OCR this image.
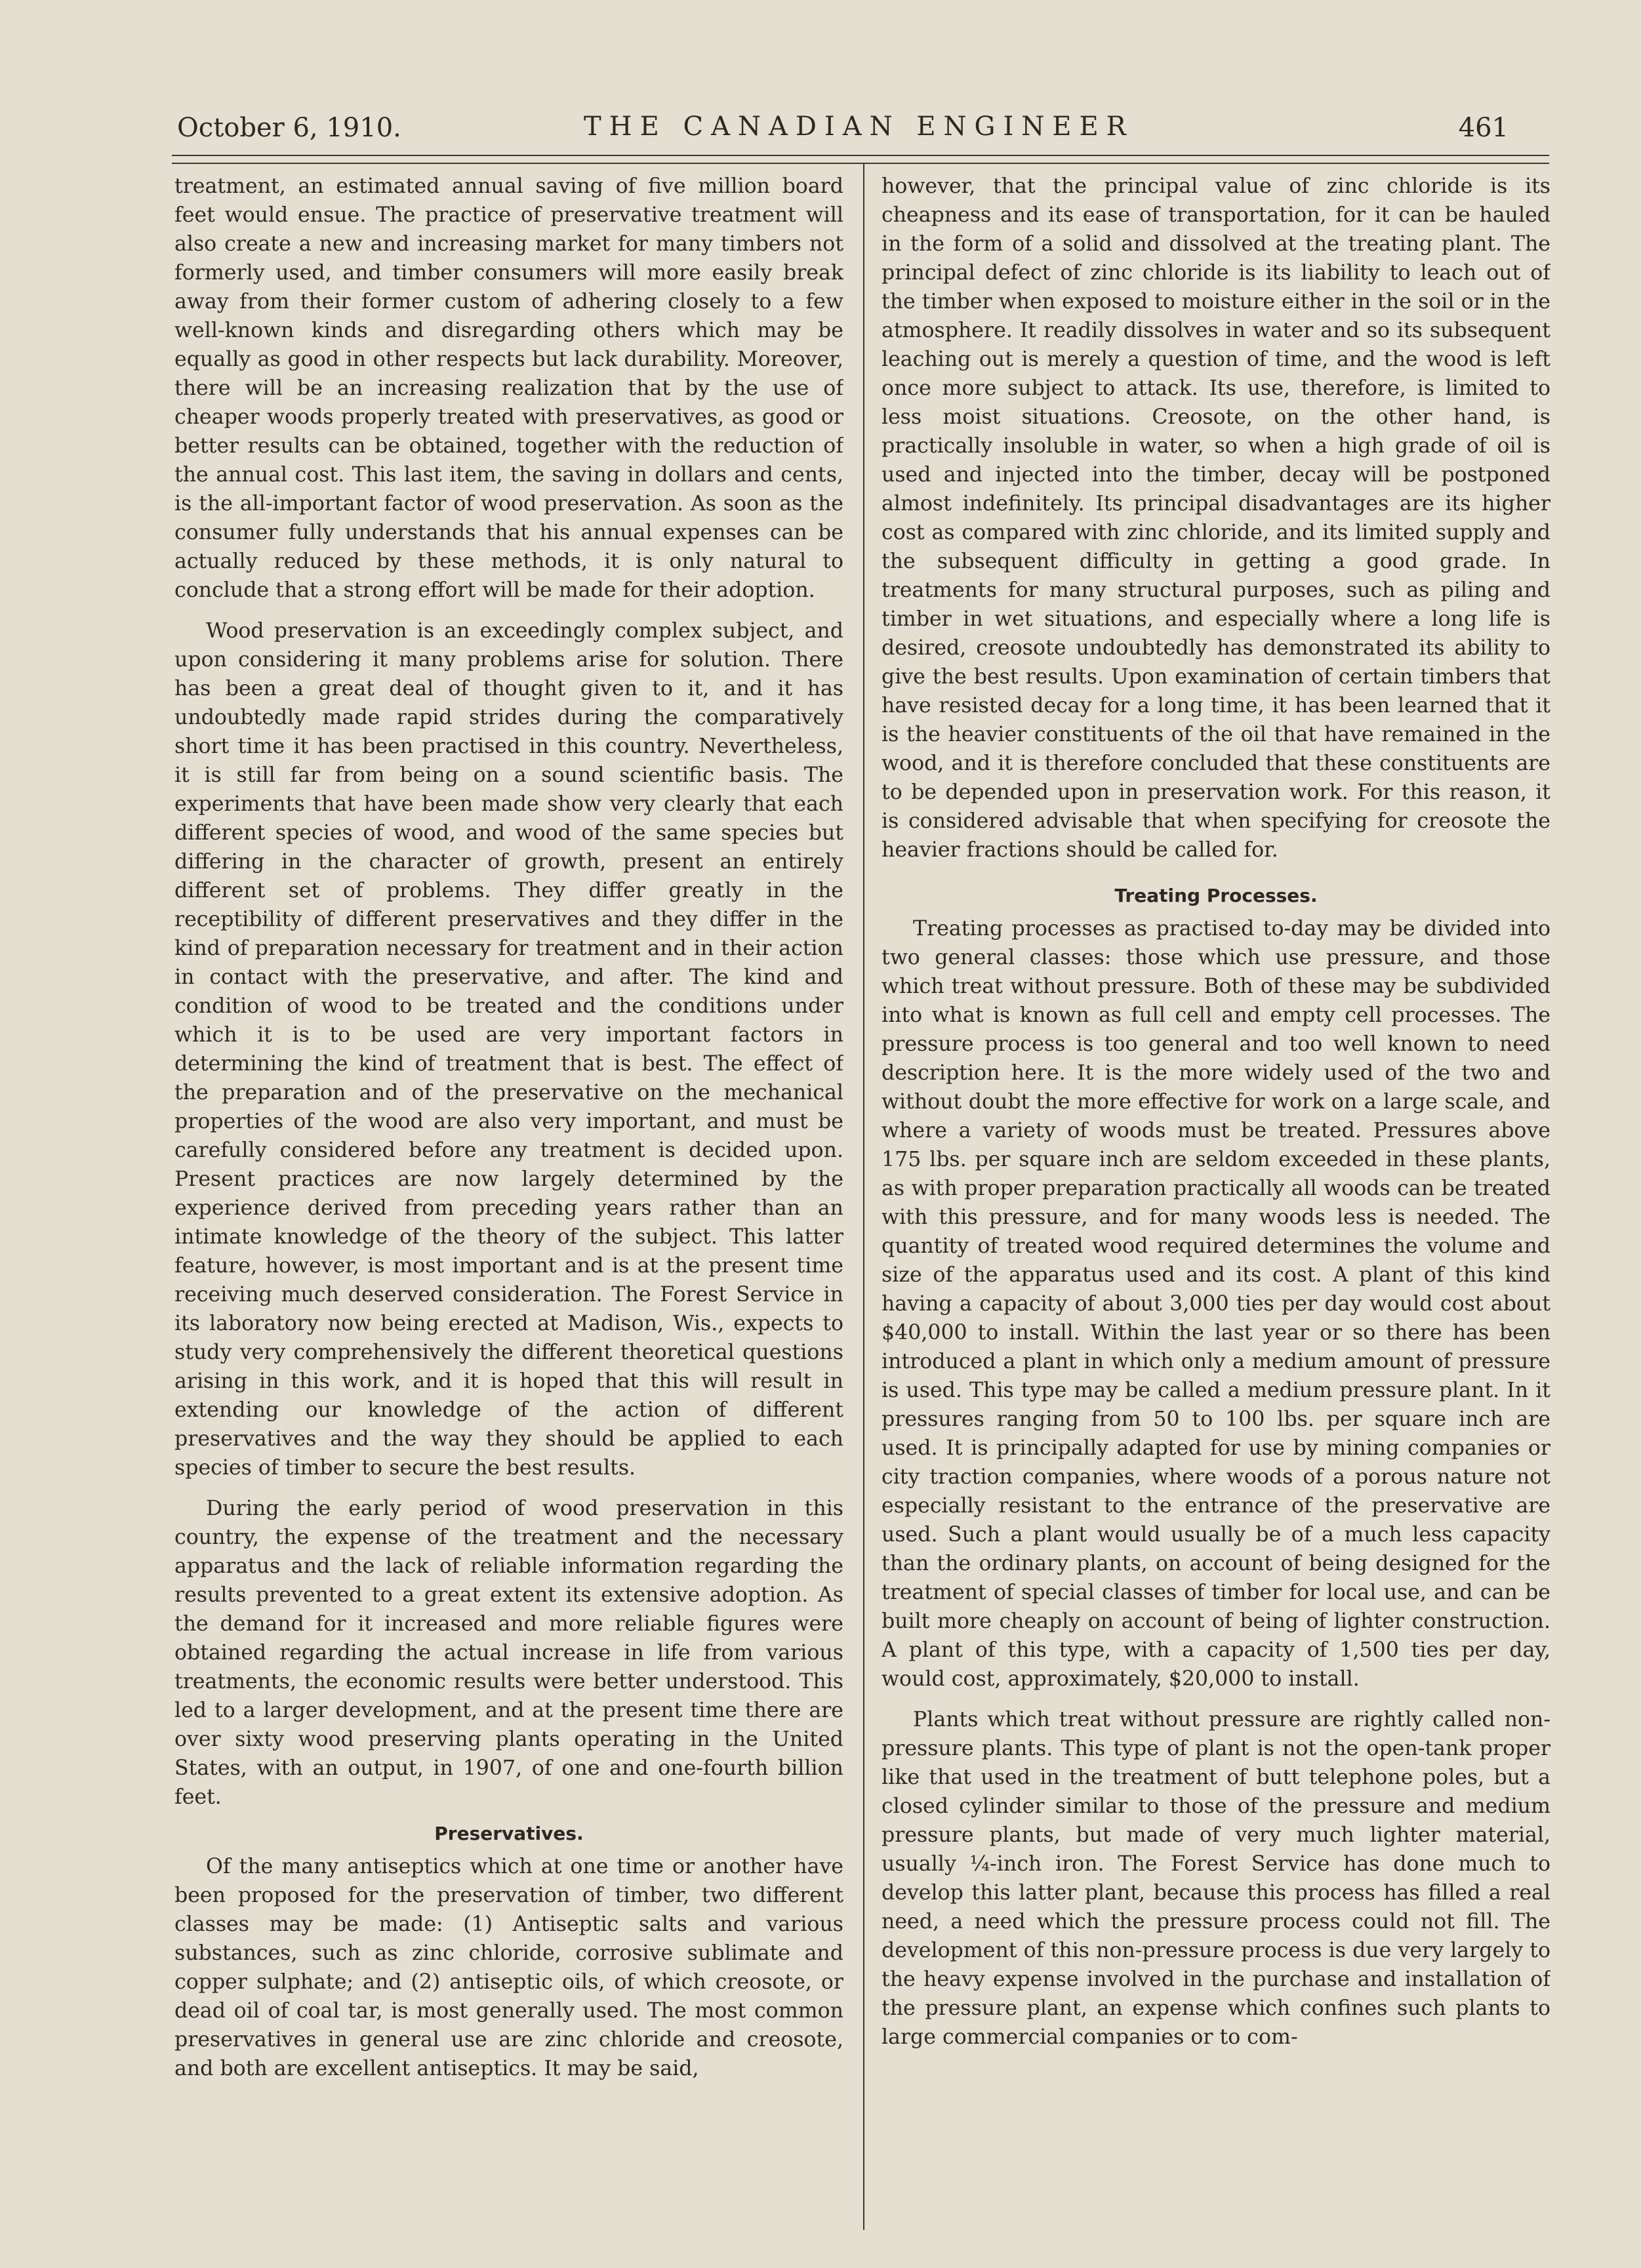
October 6, 1910.	THE CANADIAN ENGINEER	461

treatment, an estimated annual saving of five million board feet would ensue. The practice of preservative treatment will also create a new and increasing market for many timbers not formerly used, and timber consumers will more easily break away from their former custom of adhering closely to a few well-known kinds and disregarding others which may be equally as good in other respects but lack durability. Moreover, there will be an increasing realization that by the use of cheaper woods properly treated with preservatives, as good or better results can be obtained, together with the reduction of the annual cost. This last item, the saving in dollars and cents, is the all-important factor of wood preservation. As soon as the consumer fully understands that his annual expenses can be actually reduced by these methods, it is only natural to conclude that a strong effort will be made for their adoption.

Wood preservation is an exceedingly complex subject, and upon considering it many problems arise for solution. There has been a great deal of thought given to it, and it has undoubtedly made rapid strides during the comparatively short time it has been practised in this country. Nevertheless, it is still far from being on a sound scientific basis. The experiments that have been made show very clearly that each different species of wood, and wood of the same species but differing in the character of growth, present an entirely different set of problems. They differ greatly in the receptibility of different preservatives and they differ in the kind of preparation necessary for treatment and in their action in contact with the preservative, and after. The kind and condition of wood to be treated and the conditions under which it is to be used are very important factors in determining the kind of treatment that is best. The effect of the preparation and of the preservative on the mechanical properties of the wood are also very important, and must be carefully considered before any treatment is decided upon. Present practices are now largely determined by the experience derived from preceding years rather than an intimate knowledge of the theory of the subject. This latter feature, however, is most important and is at the present time receiving much deserved consideration. The Forest Service in its laboratory now being erected at Madison, Wis., expects to study very comprehensively the different theoretical questions arising in this work, and it is hoped that this will result in extending our knowledge of the action of different preservatives and the way they should be applied to each species of timber to secure the best results.

During the early period of wood preservation in this country, the expense of the treatment and the necessary apparatus and the lack of reliable information regarding the results prevented to a great extent its extensive adoption. As the demand for it increased and more reliable figures were obtained regarding the actual increase in life from various treatments, the economic results were better understood. This led to a larger development, and at the present time there are over sixty wood preserving plants operating in the United States, with an output, in 1907, of one and one-fourth billion feet.

Preservatives.

Of the many antiseptics which at one time or another have been proposed for the preservation of timber, two different classes may be made: (1) Antiseptic salts and various substances, such as zinc chloride, corrosive sublimate and copper sulphate; and (2) antiseptic oils, of which creosote, or dead oil of coal tar, is most generally used. The most common preservatives in general use are zinc chloride and creosote, and both are excellent antiseptics. It may be said,

however, that the principal value of zinc chloride is its cheapness and its ease of transportation, for it can be hauled in the form of a solid and dissolved at the treating plant. The principal defect of zinc chloride is its liability to leach out of the timber when exposed to moisture either in the soil or in the atmosphere. It readily dissolves in water and so its subsequent leaching out is merely a question of time, and the wood is left once more subject to attack. Its use, therefore, is limited to less moist situations. Creosote, on the other hand, is practically insoluble in water, so when a high grade of oil is used and injected into the timber, decay will be postponed almost indefinitely. Its principal disadvantages are its higher cost as compared with zinc chloride, and its limited supply and the subsequent difficulty in getting a good grade. In treatments for many structural purposes, such as piling and timber in wet situations, and especially where a long life is desired, creosote undoubtedly has demonstrated its ability to give the best results. Upon examination of certain timbers that have resisted decay for a long time, it has been learned that it is the heavier constituents of the oil that have remained in the wood, and it is therefore concluded that these constituents are to be depended upon in preservation work. For this reason, it is considered advisable that when specifying for creosote the heavier fractions should be called for.

Treating Processes.

Treating processes as practised to-day may be divided into two general classes: those which use pressure, and those which treat without pressure. Both of these may be subdivided into what is known as full cell and empty cell processes. The pressure process is too general and too well known to need description here. It is the more widely used of the two and without doubt the more effective for work on a large scale, and where a variety of woods must be treated. Pressures above 175 lbs. per square inch are seldom exceeded in these plants, as with proper preparation practically all woods can be treated with this pressure, and for many woods less is needed. The quantity of treated wood required determines the volume and size of the apparatus used and its cost. A plant of this kind having a capacity of about 3,000 ties per day would cost about $40,000 to install. Within the last year or so there has been introduced a plant in which only a medium amount of pressure is used. This type may be called a medium pressure plant. In it pressures ranging from 50 to 100 lbs. per square inch are used. It is principally adapted for use by mining companies or city traction companies, where woods of a porous nature not especially resistant to the entrance of the preservative are used. Such a plant would usually be of a much less capacity than the ordinary plants, on account of being designed for the treatment of special classes of timber for local use, and can be built more cheaply on account of being of lighter construction. A plant of this type, with a capacity of 1,500 ties per day, would cost, approximately, $20,000 to install.

Plants which treat without pressure are rightly called non-pressure plants. This type of plant is not the open-tank proper like that used in the treatment of butt telephone poles, but a closed cylinder similar to those of the pressure and medium pressure plants, but made of very much lighter material, usually ¼-inch iron. The Forest Service has done much to develop this latter plant, because this process has filled a real need, a need which the pressure process could not fill. The development of this non-pressure process is due very largely to the heavy expense involved in the purchase and installation of the pressure plant, an expense which confines such plants to large commercial companies or to com-
